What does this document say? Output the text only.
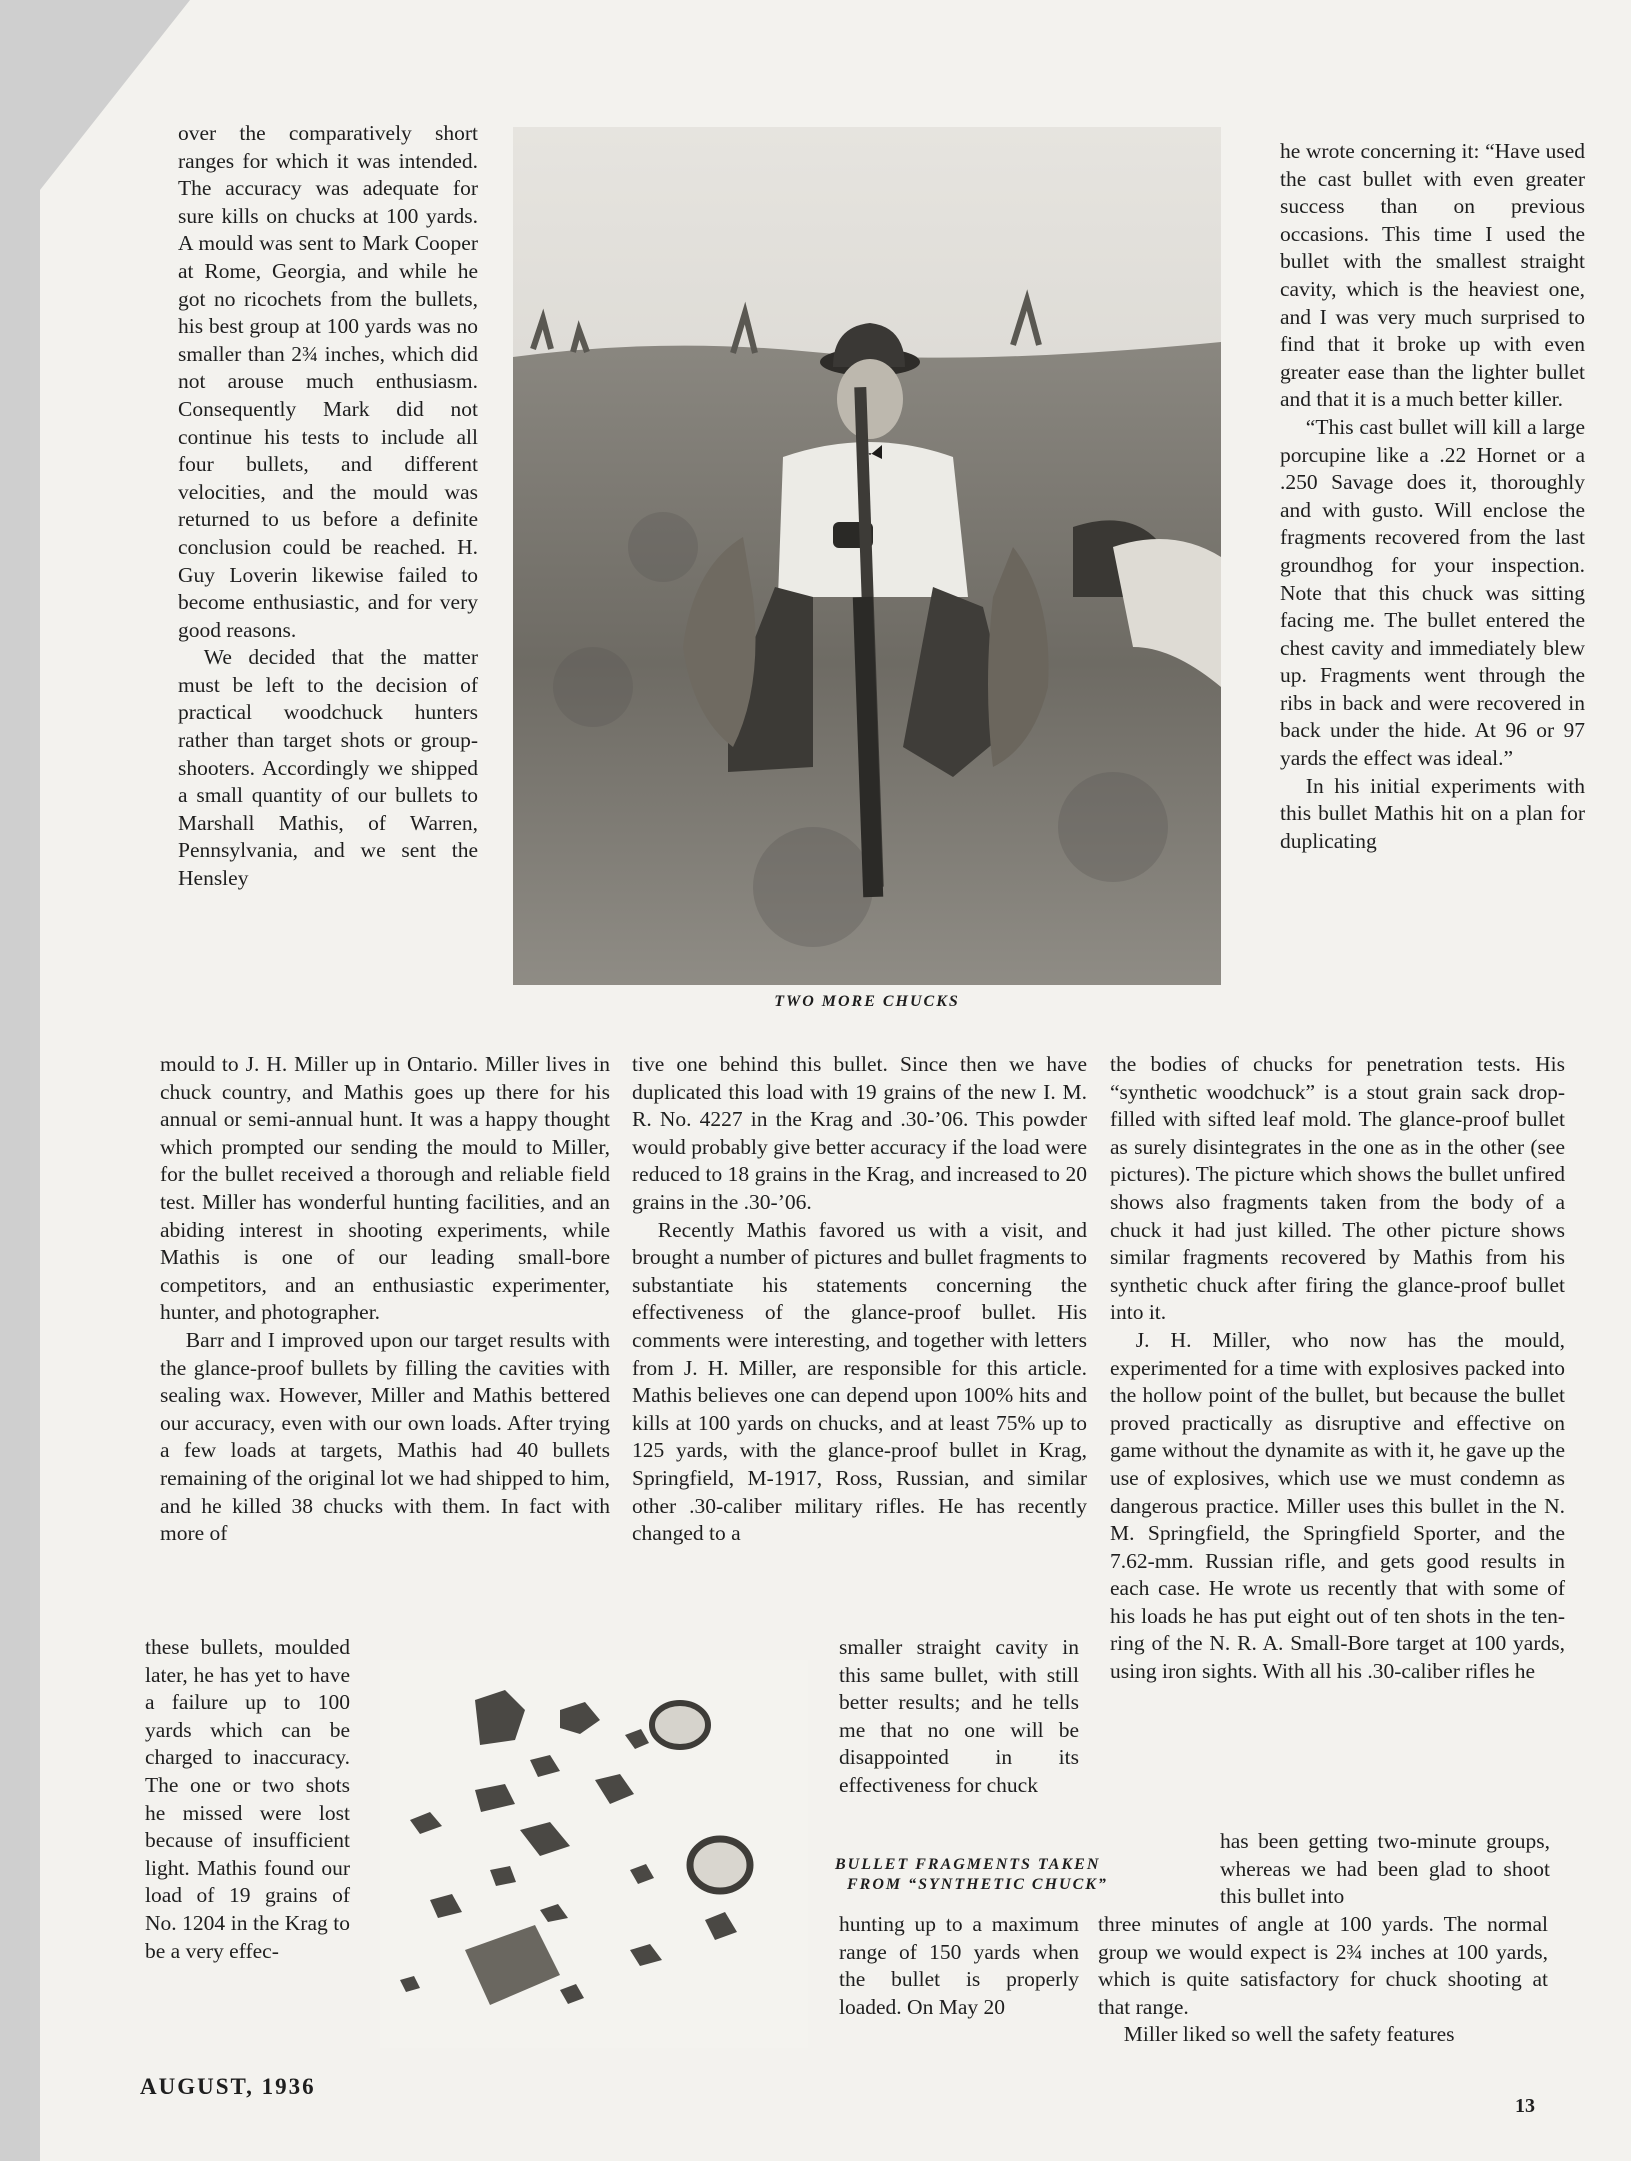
over the comparatively short ranges for which it was intended. The accuracy was adequate for sure kills on chucks at 100 yards. A mould was sent to Mark Cooper at Rome, Georgia, and while he got no ricochets from the bullets, his best group at 100 yards was no smaller than 2¾ inches, which did not arouse much enthusiasm. Consequently Mark did not continue his tests to include all four bullets, and different velocities, and the mould was returned to us before a definite conclusion could be reached. H. Guy Loverin likewise failed to become enthusiastic, and for very good reasons.

We decided that the matter must be left to the decision of practical woodchuck hunters rather than target shots or group-shooters. Accordingly we shipped a small quantity of our bullets to Marshall Mathis, of Warren, Pennsylvania, and we sent the Hensley

mould to J. H. Miller up in Ontario. Miller lives in chuck country, and Mathis goes up there for his annual or semi-annual hunt. It was a happy thought which prompted our sending the mould to Miller, for the bullet received a thorough and reliable field test. Miller has wonderful hunting facilities, and an abiding interest in shooting experiments, while Mathis is one of our leading small-bore competitors, and an enthusiastic experimenter, hunter, and photographer.

Barr and I improved upon our target results with the glance-proof bullets by filling the cavities with sealing wax. However, Miller and Mathis bettered our accuracy, even with our own loads. After trying a few loads at targets, Mathis had 40 bullets remaining of the original lot we had shipped to him, and he killed 38 chucks with them. In fact with more of

these bullets, moulded later, he has yet to have a failure up to 100 yards which can be charged to inaccuracy. The one or two shots he missed were lost because of insufficient light. Mathis found our load of 19 grains of No. 1204 in the Krag to be a very effec-

TWO MORE CHUCKS

tive one behind this bullet. Since then we have duplicated this load with 19 grains of the new I. M. R. No. 4227 in the Krag and .30-’06. This powder would probably give better accuracy if the load were reduced to 18 grains in the Krag, and increased to 20 grains in the .30-’06.

Recently Mathis favored us with a visit, and brought a number of pictures and bullet fragments to substantiate his statements concerning the effectiveness of the glance-proof bullet. His comments were interesting, and together with letters from J. H. Miller, are responsible for this article. Mathis believes one can depend upon 100% hits and kills at 100 yards on chucks, and at least 75% up to 125 yards, with the glance-proof bullet in Krag, Springfield, M-1917, Ross, Russian, and similar other .30-caliber military rifles. He has recently changed to a

smaller straight cavity in this same bullet, with still better results; and he tells me that no one will be disappointed in its effectiveness for chuck

BULLET FRAGMENTS TAKEN
FROM “SYNTHETIC CHUCK”

hunting up to a maximum range of 150 yards when the bullet is properly loaded. On May 20

he wrote concerning it: “Have used the cast bullet with even greater success than on previous occasions. This time I used the bullet with the smallest straight cavity, which is the heaviest one, and I was very much surprised to find that it broke up with even greater ease than the lighter bullet and that it is a much better killer.

“This cast bullet will kill a large porcupine like a .22 Hornet or a .250 Savage does it, thoroughly and with gusto. Will enclose the fragments recovered from the last groundhog for your inspection. Note that this chuck was sitting facing me. The bullet entered the chest cavity and immediately blew up. Fragments went through the ribs in back and were recovered in back under the hide. At 96 or 97 yards the effect was ideal.”

In his initial experiments with this bullet Mathis hit on a plan for duplicating

the bodies of chucks for penetration tests. His “synthetic woodchuck” is a stout grain sack drop-filled with sifted leaf mold. The glance-proof bullet as surely disintegrates in the one as in the other (see pictures). The picture which shows the bullet unfired shows also fragments taken from the body of a chuck it had just killed. The other picture shows similar fragments recovered by Mathis from his synthetic chuck after firing the glance-proof bullet into it.

J. H. Miller, who now has the mould, experimented for a time with explosives packed into the hollow point of the bullet, but because the bullet proved practically as disruptive and effective on game without the dynamite as with it, he gave up the use of explosives, which use we must condemn as dangerous practice. Miller uses this bullet in the N. M. Springfield, the Springfield Sporter, and the 7.62-mm. Russian rifle, and gets good results in each case. He wrote us recently that with some of his loads he has put eight out of ten shots in the ten-ring of the N. R. A. Small-Bore target at 100 yards, using iron sights. With all his .30-caliber rifles he

has been getting two-minute groups, whereas we had been glad to shoot this bullet into

three minutes of angle at 100 yards. The normal group we would expect is 2¾ inches at 100 yards, which is quite satisfactory for chuck shooting at that range.

Miller liked so well the safety features

AUGUST, 1936
13
